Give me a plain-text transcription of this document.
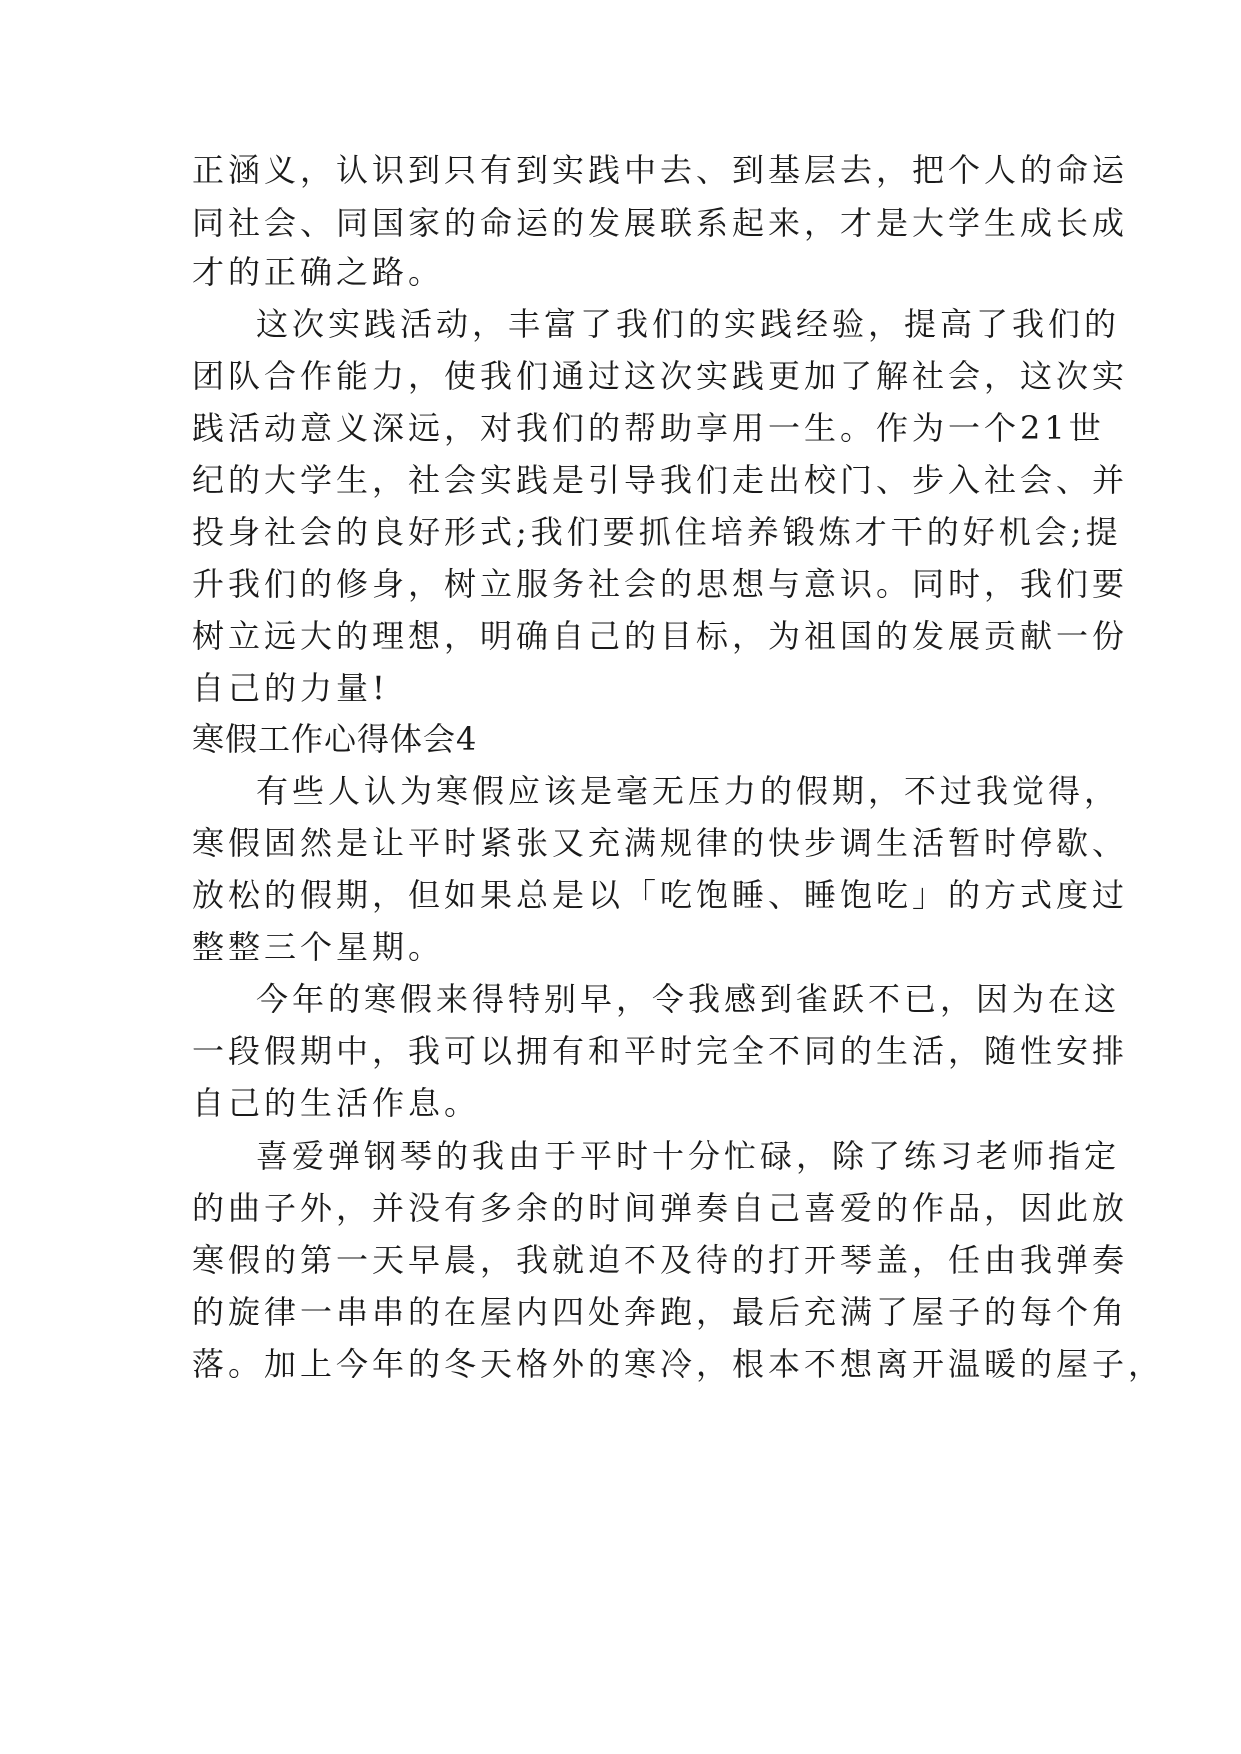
正涵义，认识到只有到实践中去、到基层去，把个人的命运
同社会、同国家的命运的发展联系起来，才是大学生成长成
才的正确之路。
这次实践活动，丰富了我们的实践经验，提高了我们的
团队合作能力，使我们通过这次实践更加了解社会，这次实
践活动意义深远，对我们的帮助享用一生。作为一个21世
纪的大学生，社会实践是引导我们走出校门、步入社会、并
投身社会的良好形式;我们要抓住培养锻炼才干的好机会;提
升我们的修身，树立服务社会的思想与意识。同时，我们要
树立远大的理想，明确自己的目标，为祖国的发展贡献一份
自己的力量!
寒假工作心得体会4
有些人认为寒假应该是毫无压力的假期，不过我觉得，
寒假固然是让平时紧张又充满规律的快步调生活暂时停歇、
放松的假期，但如果总是以「吃饱睡、睡饱吃」的方式度过
整整三个星期。
今年的寒假来得特别早，令我感到雀跃不已，因为在这
一段假期中，我可以拥有和平时完全不同的生活，随性安排
自己的生活作息。
喜爱弹钢琴的我由于平时十分忙碌，除了练习老师指定
的曲子外，并没有多余的时间弹奏自己喜爱的作品，因此放
寒假的第一天早晨，我就迫不及待的打开琴盖，任由我弹奏
的旋律一串串的在屋内四处奔跑，最后充满了屋子的每个角
落。加上今年的冬天格外的寒冷，根本不想离开温暖的屋子，
